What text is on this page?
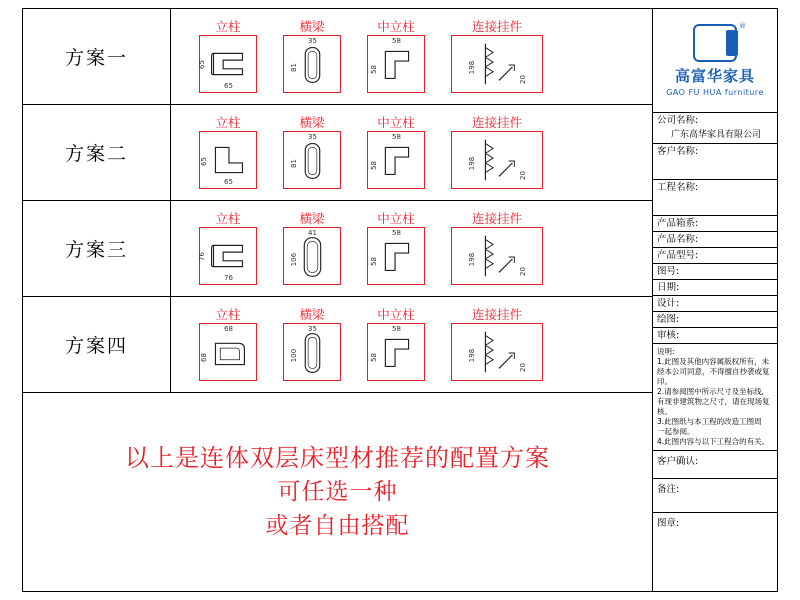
方案一
立柱
65
65
横梁
81
35
中立柱
58
58
连接挂件
198
20
方案二
立柱
65
65
横梁
81
35
中立柱
58
58
连接挂件
198
20
方案三
立柱
76
76
横梁
106
41
中立柱
58
58
连接挂件
198
20
方案四
立柱
68
68
横梁
100
35
中立柱
58
58
连接挂件
198
20
以上是连体双层床型材推荐的配置方案
可任选一种
或者自由搭配
®
高富华家具
GAO FU HUA furniture
公司名称:
广东高华家具有限公司
客户名称:
工程名称:
产品箱系:
产品名称:
产品型号:
图号:
日期:
设计:
绘图:
审核:
说明:
1.此图及其他内容属版权所有，未
经本公司同意，不得擅自抄袭或复
印。
2.请参阅图中所示尺寸及坐标线,
有现非建筑物之尺寸，请在现场复
核。
3.此图纸与本工程的改造工图周
一起参阅。
4.此图内容与以下工程合的有关。
客户确认:
备注:
图章:
